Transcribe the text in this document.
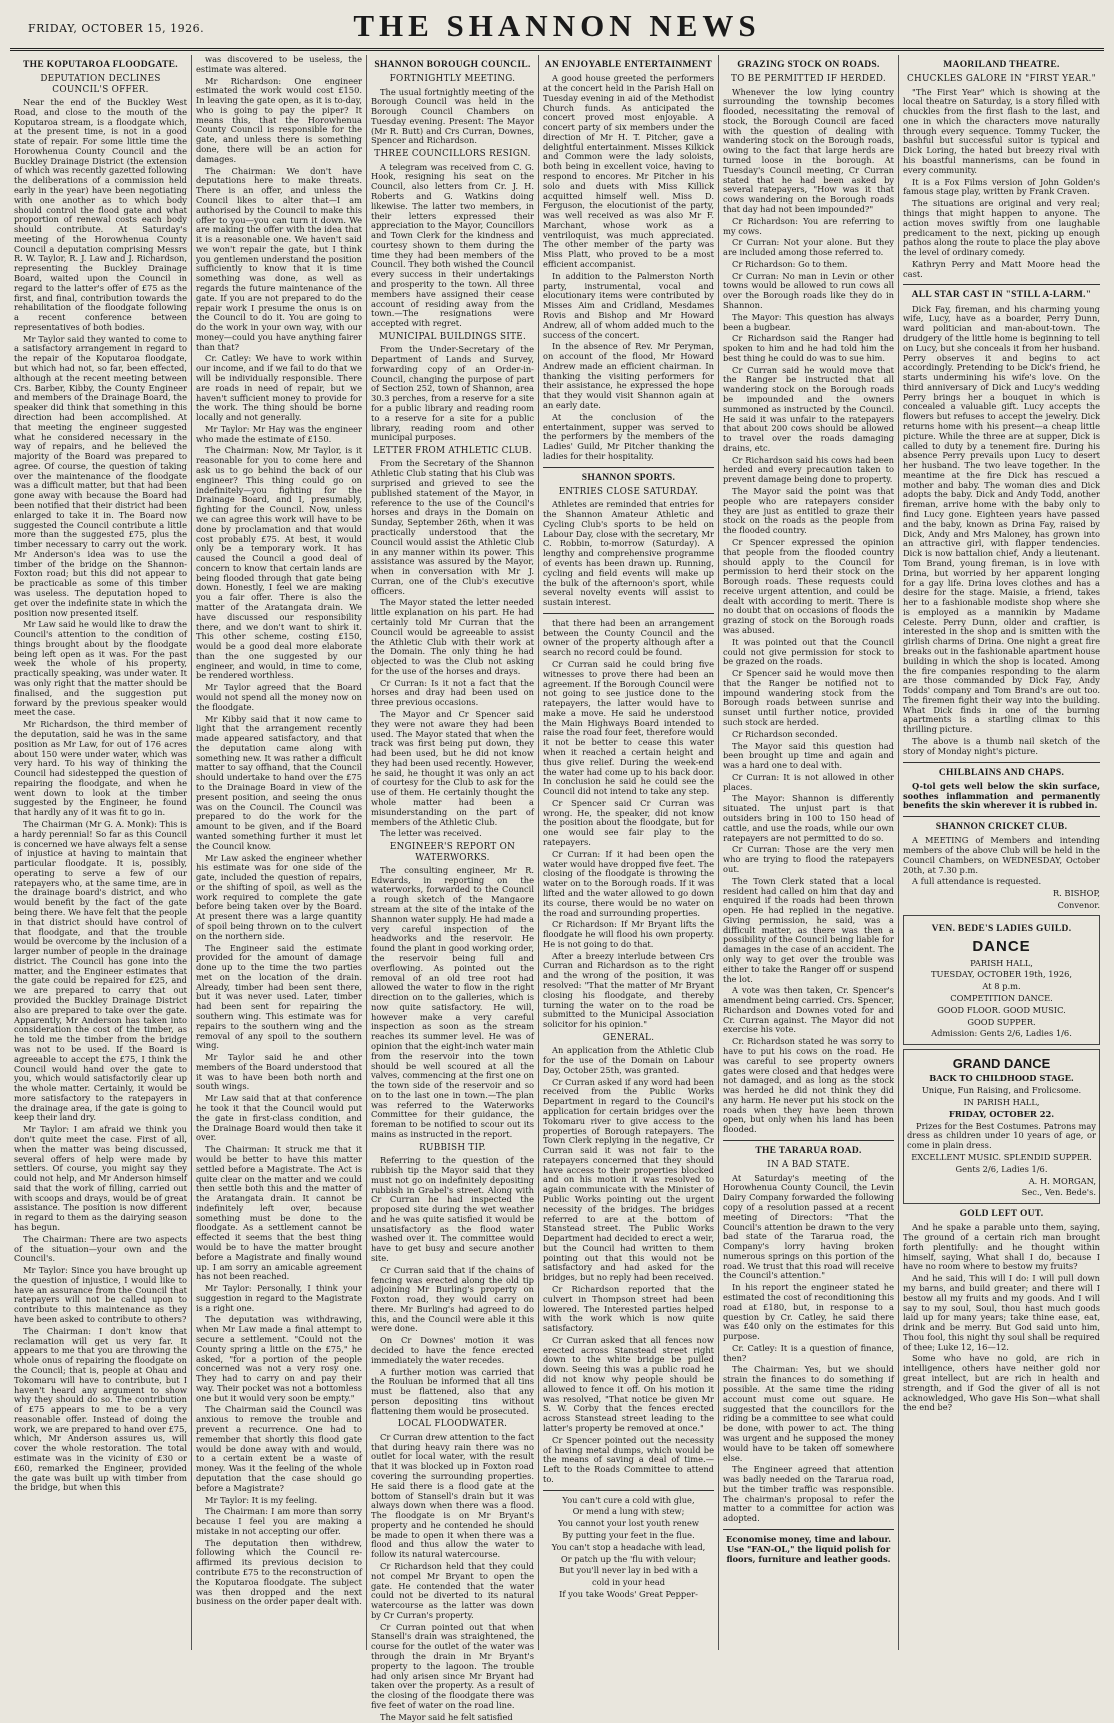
FRIDAY, OCTOBER 15, 1926.	THE SHANNON NEWS
THE KOPUTAROA FLOODGATE.
DEPUTATION DECLINES COUNCIL'S OFFER.

Near the end of the Buckley West Road, and close to the mouth of the Koputaroa stream, is a floodgate which, at the present time, is not in a good state of repair. For some little time the Horowhenua County Council and the Buckley Drainage District (the extension of which was recently gazetted following the deliberations of a commission held early in the year) have been negotiating with one another as to which body should control the flood gate and what proportion of renewal costs each body should contribute. At Saturday's meeting of the Horowhenua County Council a deputation comprising Messrs R. W. Taylor, R. J. Law and J. Richardson, representing the Buckley Drainage Board, waited upon the Council in regard to the latter's offer of £75 as the first, and final, contribution towards the rehabilitation of the floodgate following a recent conference between representatives of both bodies.

Mr Taylor said they wanted to come to a satisfactory arrangement in regard to the repair of the Koputaroa floodgate, but which had not, so far, been effected, although at the recent meeting between Crs. Barber, Kibby, the County Engineer and members of the Drainage Board, the speaker did think that something in this direction had been accomplished. At that meeting the engineer suggested what he considered necessary in the way of repairs, and he believed the majority of the Board was prepared to agree. Of course, the question of taking over the maintenance of the floodgate was a difficult matter, but that had been gone away with because the Board had been notified that their district had been enlarged to take it in. The Board now suggested the Council contribute a little more than the suggested £75, plus the timber necessary to carry out the work. Mr Anderson's idea was to use the timber of the bridge on the Shannon-Foxton road; but this did not appear to be practicable as some of this timber was useless. The deputation hoped to get over the indefinite state in which the position now presented itself.

Mr Law said he would like to draw the Council's attention to the condition of things brought about by the floodgate being left open as it was. For the past week the whole of his property, practically speaking, was under water. It was only right that the matter should be finalised, and the suggestion put forward by the previous speaker would meet the case.

Mr Richardson, the third member of the deputation, said he was in the same position as Mr Law, for out of 176 acres about 150 were under water, which was very hard. To his way of thinking the Council had sidestepped the question of repairing the floodgate, and when he went down to look at the timber suggested by the Engineer, he found that hardly any of it was fit to go in.

The Chairman (Mr G. A. Monk): This is a hardy perennial! So far as this Council is concerned we have always felt a sense of injustice at having to maintain that particular floodgate. It is, possibly, operating to serve a few of our ratepayers who, at the same time, are in the drainage board's district, and who would benefit by the fact of the gate being there. We have felt that the people in that district should have control of that floodgate, and that the trouble would be overcome by the inclusion of a larger number of people in the drainage district. The Council has gone into the matter, and the Engineer estimates that the gate could be repaired for £25, and we are prepared to carry that out provided the Buckley Drainage District also are prepared to take over the gate. Apparently, Mr Anderson has taken into consideration the cost of the timber, as he told me the timber from the bridge was not to be used. If the Board is agreeable to accept the £75, I think the Council would hand over the gate to you, which would satisfactorily clear up the whole matter. Certainly, it would be more satisfactory to the ratepayers in the drainage area, if the gate is going to keep their land dry.

Mr Taylor: I am afraid we think you don't quite meet the case. First of all, when the matter was being discussed, several offers of help were made by settlers. Of course, you might say they could not help, and Mr Anderson himself said that the work of filling, carried out with scoops and drays, would be of great assistance. The position is now different in regard to them as the dairying season has begun.

The Chairman: There are two aspects of the situation—your own and the Council's.

Mr Taylor: Since you have brought up the question of injustice, I would like to have an assurance from the Council that ratepayers will not be called upon to contribute to this maintenance as they have been asked to contribute to others?

The Chairman: I don't know that reclamation will get us very far. It appears to me that you are throwing the whole onus of repairing the floodgate on the Council; that is, people at Ohau and Tokomaru will have to contribute, but I haven't heard any argument to show why they should do so. The contribution of £75 appears to me to be a very reasonable offer. Instead of doing the work, we are prepared to hand over £75, which, Mr Anderson assures us, will cover the whole restoration. The total estimate was in the vicinity of £30 or £60, remarked the Engineer, provided the gate was built up with timber from the bridge, but when this

was discovered to be useless, the estimate was altered.

Mr Richardson: One engineer estimated the work would cost £150. In leaving the gate open, as it is to-day, who is going to pay the piper? It means this, that the Horowhenua County Council is responsible for the gate, and unless there is something done, there will be an action for damages.

The Chairman: We don't have deputations here to make threats. There is an offer, and unless the Council likes to alter that—I am authorised by the Council to make this offer to you—you can turn it down. We are making the offer with the idea that it is a reasonable one. We haven't said we won't repair the gate, but I think you gentlemen understand the position sufficiently to know that it is time something was done, as well as regards the future maintenance of the gate. If you are not prepared to do the repair work I presume the onus is on the Council to do it. You are going to do the work in your own way, with our money—could you have anything fairer than that?

Cr. Catley: We have to work within our income, and if we fail to do that we will be individually responsible. There are roads in need of repair, but we haven't sufficient money to provide for the work. The thing should be borne locally and not generally.

Mr Taylor: Mr Hay was the engineer who made the estimate of £150.

The Chairman: Now, Mr Taylor, is it reasonable for you to come here and ask us to go behind the back of our engineer? This thing could go on indefinitely—you fighting for the Drainage Board, and I, presumably, fighting for the Council. Now, unless we can agree this work will have to be done by proclamation and that would cost probably £75. At best, it would only be a temporary work. It has caused the Council a good deal of concern to know that certain lands are being flooded through that gate being down. Honestly, I feel we are making you a fair offer. There is also the matter of the Aratangata drain. We have discussed our responsibility there, and we don't want to shirk it. This other scheme, costing £150, would be a good deal more elaborate than the one suggested by our engineer, and would, in time to come, be rendered worthless.

Mr Taylor agreed that the Board would not spend all the money now on the floodgate.

Mr Kibby said that it now came to light that the arrangement recently made appeared satisfactory, and that the deputation came along with something new. It was rather a difficult matter to say offhand, that the Council should undertake to hand over the £75 to the Drainage Board in view of the present position, and seeing the onus was on the Council. The Council was prepared to do the work for the amount to be given, and if the Board wanted something further it must let the Council know.

Mr Law asked the engineer whether his estimate was for one side of the gate, included the question of repairs, or the shifting of spoil, as well as the work required to complete the gate before being taken over by the Board. At present there was a large quantity of spoil being thrown on to the culvert on the northern side.

The Engineer said the estimate provided for the amount of damage done up to the time the two parties met on the location of the drain. Already, timber had been sent there, but it was never used. Later, timber had been sent for repairing the southern wing. This estimate was for repairs to the southern wing and the removal of any spoil to the southern wing.

Mr Taylor said he and other members of the Board understood that it was to have been both north and south wings.

Mr Law said that at that conference he took it that the Council would put the gate in first-class condition, and the Drainage Board would then take it over.

The Chairman: It struck me that it would be better to have this matter settled before a Magistrate. The Act is quite clear on the matter and we could then settle both this and the matter of the Aratangata drain. It cannot be indefinitely left over, because something must be done to the floodgate. As a settlement cannot be effected it seems that the best thing would be to have the matter brought before a Magistrate and finally wound up. I am sorry an amicable agreement has not been reached.

Mr Taylor: Personally, I think your suggestion in regard to the Magistrate is a right one.

The deputation was withdrawing, when Mr Law made a final attempt to secure a settlement. "Could not the County spring a little on the £75," he asked, "for a portion of the people concerned was not a very rosy one. They had to carry on and pay their way. Their pocket was not a bottomless one but it would very soon be empty."

The Chairman said the Council was anxious to remove the trouble and prevent a recurrence. One had to remember that shortly this flood gate would be done away with and would, to a certain extent be a waste of money. Was it the feeling of the whole deputation that the case should go before a Magistrate?

Mr Taylor: It is my feeling.

The Chairman: I am more than sorry because I feel you are making a mistake in not accepting our offer.

The deputation then withdrew, following which the Council re-affirmed its previous decision to contribute £75 to the reconstruction of the Koputaroa floodgate. The subject was then dropped and the next business on the order paper dealt with.

SHANNON BOROUGH COUNCIL.
FORTNIGHTLY MEETING.

The usual fortnightly meeting of the Borough Council was held in the Borough Council Chambers on Tuesday evening. Present: The Mayor (Mr R. Butt) and Crs Curran, Downes, Spencer and Richardson.

THREE COUNCILLORS RESIGN.

A telegram was received from C. G. Hook, resigning his seat on the Council, also letters from Cr. J. H. Roberts and G. Watkins doing likewise. The latter two members, in their letters expressed their appreciation to the Mayor, Councillors and Town Clerk for the kindness and courtesy shown to them during the time they had been members of the Council. They both wished the Council every success in their undertakings and prosperity to the town. All three members have assigned their cease account of residing away from the town.—The resignations were accepted with regret.

MUNICIPAL BUILDINGS SITE.

From the Under-Secretary of the Department of Lands and Survey, forwarding copy of an Order-in-Council, changing the purpose of part of Section 252, town of Shannon, area 30.3 perches, from a reserve for a site for a public library and reading room to a reserve for a site for a public library, reading room and other municipal purposes.

LETTER FROM ATHLETIC CLUB.

From the Secretary of the Shannon Athletic Club stating that his Club was surprised and grieved to see the published statement of the Mayor, in reference to the use of the Council's horses and drays in the Domain on Sunday, September 26th, when it was practically understood that the Council would assist the Athletic Club in any manner within its power. This assistance was assured by the Mayor, when in conversation with Mr J. Curran, one of the Club's executive officers.

The Mayor stated the letter needed little explanation on his part. He had certainly told Mr Curran that the Council would be agreeable to assist the Athletic Club with their work at the Domain. The only thing he had objected to was the Club not asking for the use of the horses and drays.

Cr Curran: Is it not a fact that the horses and dray had been used on three previous occasions.

The Mayor and Cr Spencer said they were not aware they had been used. The Mayor stated that when the track was first being put down, they had been used, but he did not know they had been used recently. However, he said, he thought it was only an act of courtesy for the Club to ask for the use of them. He certainly thought the whole matter had been a misunderstanding on the part of members of the Athletic Club.

The letter was received.

ENGINEER'S REPORT ON WATERWORKS.

The consulting engineer, Mr R. Edwards, in reporting on the waterworks, forwarded to the Council a rough sketch of the Mangaore stream at the site of the intake of the Shannon water supply. He had made a very careful inspection of the headworks and the reservoir. He found the plant in good working order, the reservoir being full and overflowing. As pointed out the removal of an old tree root had allowed the water to flow in the right direction on to the galleries, which is now quite satisfactory. He will, however make a very careful inspection as soon as the stream reaches its summer level. He was of opinion that the eight-inch water main from the reservoir into the town should be well scoured at all the valves, commencing at the first one on the town side of the reservoir and so on to the last one in town.—The plan was referred to the Waterworks Committee for their guidance, the foreman to be notified to scour out its mains as instructed in the report.

RUBBISH TIP.

Referring to the question of the rubbish tip the Mayor said that they must not go on indefinitely depositing rubbish in Grabel's street. Along with Cr Curran he had inspected the proposed site during the wet weather and he was quite satisfied it would be unsatisfactory as the flood water washed over it. The committee would have to get busy and secure another site.

Cr Curran said that if the chains of fencing was erected along the old tip adjoining Mr Burling's property on Foxton road, they would carry on there. Mr Burling's had agreed to do this, and the Council were able it this were done.

On Cr Downes' motion it was decided to have the fence erected immediately the water recedes.

A further motion was carried that the Rouluan be informed that all tins must be flattened, also that any person depositing tins without flattening them would be prosecuted.

LOCAL FLOODWATER.

Cr Curran drew attention to the fact that during heavy rain there was no outlet for local water, with the result that it was blocked up in Foxton road covering the surrounding properties. He said there is a flood gate at the bottom of Stansell's drain but it was always down when there was a flood. The floodgate is on Mr Bryant's property and he contended he should be made to open it when there was a flood and thus allow the water to follow its natural watercourse.

Cr Richardson held that they could not compel Mr Bryant to open the gate. He contended that the water could not be diverted to its natural watercourse as the latter was down by Cr Curran's property.

Cr Curran pointed out that when Stansell's drain was straightened, the course for the outlet of the water was through the drain in Mr Bryant's property to the lagoon. The trouble had only arisen since Mr Bryant had taken over the property. As a result of the closing of the floodgate there was five feet of water on the road line.

The Mayor said he felt satisfied

AN ENJOYABLE ENTERTAINMENT

A good house greeted the performers at the concert held in the Parish Hall on Tuesday evening in aid of the Methodist Church funds. As anticipated the concert proved most enjoyable. A concert party of six members under the direction of Mr H. T. Pitcher, gave a delightful entertainment. Misses Kilkick and Common were the lady soloists, both being in excellent voice, having to respond to encores. Mr Pitcher in his solo and duets with Miss Killick acquitted himself well. Miss D. Ferguson, the elocutionist of the party, was well received as was also Mr F. Marchant, whose work as a ventriloquist, was much appreciated. The other member of the party was Miss Platt, who proved to be a most efficient accompanist.

In addition to the Palmerston North party, instrumental, vocal and elocutionary items were contributed by Misses Aim and Cridland, Mesdames Rovis and Bishop and Mr Howard Andrew, all of whom added much to the success of the concert.

In the absence of Rev. Mr Peryman, on account of the flood, Mr Howard Andrew made an efficient chairman. In thanking the visiting performers for their assistance, he expressed the hope that they would visit Shannon again at an early date.

At the conclusion of the entertainment, supper was served to the performers by the members of the Ladies' Guild, Mr Pitcher thanking the ladies for their hospitality.

SHANNON SPORTS.
ENTRIES CLOSE SATURDAY.

Athletes are reminded that entries for the Shannon Amateur Athletic and Cycling Club's sports to be held on Labour Day, close with the secretary, Mr C. Robbin, to-morrow (Saturday). A lengthy and comprehensive programme of events has been drawn up. Running, cycling and field events will make up the bulk of the afternoon's sport, while several novelty events will assist to sustain interest.

that there had been an arrangement between the County Council and the owner of the property although after a search no record could be found.

Cr Curran said he could bring five witnesses to prove there had been an agreement. If the Borough Council were not going to see justice done to the ratepayers, the latter would have to make a move. He said he understood the Main Highways Board intended to raise the road four feet, therefore would it not be better to cease this water when it reached a certain height and thus give relief. During the week-end the water had come up to his back door. In conclusion he said he could see the Council did not intend to take any step.

Cr Spencer said Cr Curran was wrong. He, the speaker, did not know the position about the floodgate, but for one would see fair play to the ratepayers.

Cr Curran: If it had been open the water would have dropped five feet. The closing of the floodgate is throwing the water on to the Borough roads. If it was lifted and the water allowed to go down its course, there would be no water on the road and surrounding properties.

Cr Richardson: If Mr Bryant lifts the floodgate he will flood his own property. He is not going to do that.

After a breezy interlude between Crs Curran and Richardson as to the right and the wrong of the position, it was resolved: "That the matter of Mr Bryant closing his floodgate, and thereby turning the water on to the road be submitted to the Municipal Association solicitor for his opinion."

GENERAL.

An application from the Athletic Club for the use of the Domain on Labour Day, October 25th, was granted.

Cr Curran asked if any word had been received from the Public Works Department in regard to the Council's application for certain bridges over the Tokomaru river to give access to the properties of Borough ratepayers. The Town Clerk replying in the negative, Cr Curran said it was not fair to the ratepayers concerned that they should have access to their properties blocked and on his motion it was resolved to again communicate with the Minister of Public Works pointing out the urgent necessity of the bridges. The bridges referred to are at the bottom of Stanstead street. The Public Works Department had decided to erect a weir, but the Council had written to them pointing out that this would not be satisfactory and had asked for the bridges, but no reply had been received.

Cr Richardson reported that the culvert in Thompson street had been lowered. The Interested parties helped with the work which is now quite satisfactory.

Cr Curran asked that all fences now erected across Stanstead street right down to the white bridge be pulled down. Seeing this was a public road he did not know why people should be allowed to fence it off. On his motion it was resolved, "That notice be given Mr S. W. Corby that the fences erected across Stanstead street leading to the latter's property be removed at once."

Cr Spencer pointed out the necessity of having metal dumps, which would be the means of saving a deal of time.—Left to the Roads Committee to attend to.

You can't cure a cold with glue,

Or mend a lung with stew;

You cannot your lost youth renew

By putting your feet in the flue.

You can't stop a headache with lead,

Or patch up the 'flu with velour;

But you'll never lay in bed with a

cold in your head

If you take Woods' Great Pepper-

GRAZING STOCK ON ROADS.
TO BE PERMITTED IF HERDED.

Whenever the low lying country surrounding the township becomes flooded, necessitating the removal of stock, the Borough Council are faced with the question of dealing with wandering stock on the Borough roads, owing to the fact that large herds are turned loose in the borough. At Tuesday's Council meeting, Cr Curran stated that he had been asked by several ratepayers, "How was it that cows wandering on the Borough roads that day had not been impounded?"

Cr Richardson: You are referring to my cows.

Cr Curran: Not your alone. But they are included among those referred to.

Cr Richardson: Go to them.

Cr Curran: No man in Levin or other towns would be allowed to run cows all over the Borough roads like they do in Shannon.

The Mayor: This question has always been a bugbear.

Cr Richardson said the Ranger had spoken to him and he had told him the best thing he could do was to sue him.

Cr Curran said he would move that the Ranger be instructed that all wandering stock on the Borough roads be impounded and the owners summoned as instructed by the Council. He said it was unfair to the ratepayers that about 200 cows should be allowed to travel over the roads damaging drains, etc.

Cr Richardson said his cows had been herded and every precaution taken to prevent damage being done to property.

The Mayor said the point was that people who are ratepayers consider they are just as entitled to graze their stock on the roads as the people from the flooded country.

Cr Spencer expressed the opinion that people from the flooded country should apply to the Council for permission to herd their stock on the Borough roads. These requests could receive urgent attention, and could be dealt with according to merit. There is no doubt that on occasions of floods the grazing of stock on the Borough roads was abused.

It was pointed out that the Council could not give permission for stock to be grazed on the roads.

Cr Spencer said he would move then that the Ranger be notified not to impound wandering stock from the Borough roads between sunrise and sunset until further notice, provided such stock are herded.

Cr Richardson seconded.

The Mayor said this question had been brought up time and again and was a hard one to deal with.

Cr Curran: It is not allowed in other places.

The Mayor: Shannon is differently situated. The unjust part is that outsiders bring in 100 to 150 head of cattle, and use the roads, while our own ratepayers are not permitted to do so.

Cr Curran: Those are the very men who are trying to flood the ratepayers out.

The Town Clerk stated that a local resident had called on him that day and enquired if the roads had been thrown open. He had replied in the negative. Giving permission, he said, was a difficult matter, as there was then a possibility of the Council being liable for damages in the case of an accident. The only way to get over the trouble was either to take the Ranger off or suspend the lot.

A vote was then taken, Cr. Spencer's amendment being carried. Crs. Spencer, Richardson and Downes voted for and Cr. Curran against. The Mayor did not exercise his vote.

Cr. Richardson stated he was sorry to have to put his cows on the road. He was careful to see property owners gates were closed and that hedges were not damaged, and as long as the stock was herded he did not think they did any harm. He never put his stock on the roads when they have been thrown open, but only when his land has been flooded.

THE TARARUA ROAD.
IN A BAD STATE.

At Saturday's meeting of the Horowhenua County Council, the Levin Dairy Company forwarded the following copy of a resolution passed at a recent meeting of Directors: "That the Council's attention be drawn to the very bad state of the Tararua road, the Company's lorry having broken numerous springs on this portion of the road. We trust that this road will receive the Council's attention."

In his report the engineer stated he estimated the cost of reconditioning this road at £180, but, in response to a question by Cr. Catley, he said there was £40 only on the estimates for this purpose.

Cr. Catley: It is a question of finance, then?

The Chairman: Yes, but we should strain the finances to do something if possible. At the same time the riding account must come out square. He suggested that the councillors for the riding be a committee to see what could be done, with power to act. The thing was urgent and he supposed the money would have to be taken off somewhere else.

The Engineer agreed that attention was badly needed on the Tararua road, but the timber traffic was responsible. The chairman's proposal to refer the matter to a committee for action was adopted.

Economise money, time and labour. Use "FAN-OL," the liquid polish for floors, furniture and leather goods.

MAORILAND THEATRE.
CHUCKLES GALORE IN "FIRST YEAR."

"The First Year" which is showing at the local theatre on Saturday, is a story filled with chuckles from the first flash to the last, and one in which the characters move naturally through every sequence. Tommy Tucker, the bashful but successful suitor is typical and Dick Loring, the hated but breezy rival with his boastful mannerisms, can be found in every community.

It is a Fox Films version of John Golden's famous stage play, written by Frank Craven.

The situations are original and very real; things that might happen to anyone. The action moves swiftly from one laughable predicament to the next, picking up enough pathos along the route to place the play above the level of ordinary comedy.

Kathryn Perry and Matt Moore head the cast.

ALL STAR CAST IN "STILL A-LARM."

Dick Fay, fireman, and his charming young wife, Lucy, have as a boarder, Perry Dunn, ward politician and man-about-town. The drudgery of the little home is beginning to tell on Lucy, but she conceals it from her husband. Perry observes it and begins to act accordingly. Pretending to be Dick's friend, he starts undermining his wife's love. On the third anniversary of Dick and Lucy's wedding Perry brings her a bouquet in which is concealed a valuable gift. Lucy accepts the flowers but refuses to accept the jewelry. Dick returns home with his present—a cheap little picture. While the three are at supper, Dick is called to duty by a tenement fire. During his absence Perry prevails upon Lucy to desert her husband. The two leave together. In the meantime at the fire Dick has rescued a mother and baby. The woman dies and Dick adopts the baby. Dick and Andy Todd, another fireman, arrive home with the baby only to find Lucy gone. Eighteen years have passed and the baby, known as Drina Fay, raised by Dick, Andy and Mrs Maloney, has grown into an attractive girl, with flapper tendencies. Dick is now battalion chief, Andy a lieutenant. Tom Brand, young fireman, is in love with Drina, but worried by her apparent longing for a gay life. Drina loves clothes and has a desire for the stage. Maisie, a friend, takes her to a fashionable modiste shop where she is employed as a mannikin by Madame Celeste. Perry Dunn, older and craftier, is interested in the shop and is smitten with the girlish charms of Drina. One night a great fire breaks out in the fashionable apartment house building in which the shop is located. Among the fire companies responding to the alarm are those commanded by Dick Fay, Andy Todds' company and Tom Brand's are out too. The firemen fight their way into the building. What Dick finds in one of the burning apartments is a startling climax to this thrilling picture.

The above is a thumb nail sketch of the story of Monday night's picture.

CHILBLAINS AND CHAPS.

Q-tol gets well below the skin surface, soothes inflammation and permanently benefits the skin wherever it is rubbed in.

SHANNON CRICKET CLUB.

A MEETING of Members and intending members of the above Club will be held in the Council Chambers, on WEDNESDAY, October 20th, at 7.30 p.m.

A full attendance is requested.

R. BISHOP,

Convenor.

VEN. BEDE'S LADIES GUILD.
DANCE

PARISH HALL,

TUESDAY, OCTOBER 19th, 1926,

At 8 p.m.

COMPETITION DANCE.

GOOD FLOOR. GOOD MUSIC.

GOOD SUPPER.

Admission: Gents 2/6, Ladies 1/6.

GRAND DANCE

BACK TO CHILDHOOD STAGE.

Unique, Fun Raising, and Frolicsome.

IN PARISH HALL,

FRIDAY, OCTOBER 22.

Prizes for the Best Costumes. Patrons may dress as children under 10 years of age, or come in plain dress.

EXCELLENT MUSIC. SPLENDID SUPPER.

Gents 2/6, Ladies 1/6.

A. H. MORGAN,

Sec., Ven. Bede's.

GOLD LEFT OUT.

And he spake a parable unto them, saying, The ground of a certain rich man brought forth plentifully: and he thought within himself, saying, What shall I do, because I have no room where to bestow my fruits?

And he said, This will I do: I will pull down my barns, and build greater; and there will I bestow all my fruits and my goods. And I will say to my soul, Soul, thou hast much goods laid up for many years; take thine ease, eat, drink and be merry. But God said unto him, Thou fool, this night thy soul shall be required of thee; Luke 12, 16—12.

Some who have no gold, are rich in intelligence, others have neither gold nor great intellect, but are rich in health and strength, and if God the giver of all is not acknowledged, Who gave His Son—what shall the end be?
